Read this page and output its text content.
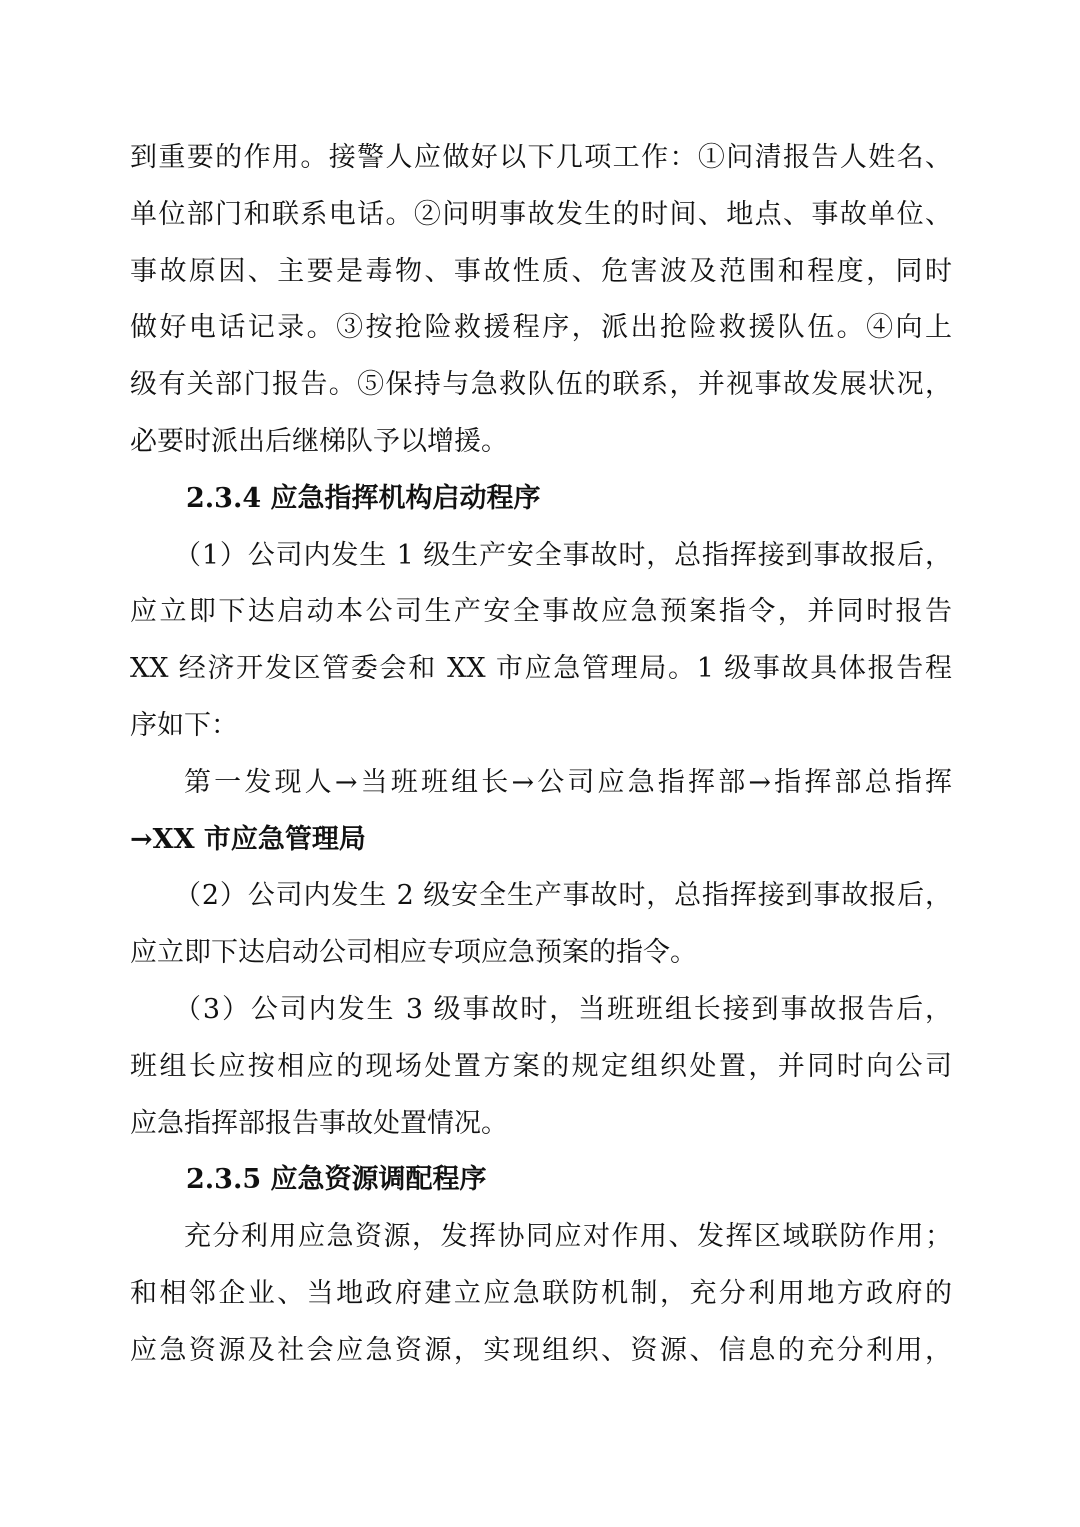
到重要的作用。接警人应做好以下几项工作：①问清报告人姓名、
单位部门和联系电话。②问明事故发生的时间、地点、事故单位、
事故原因、主要是毒物、事故性质、危害波及范围和程度，同时
做好电话记录。③按抢险救援程序，派出抢险救援队伍。④向上
级有关部门报告。⑤保持与急救队伍的联系，并视事故发展状况，
必要时派出后继梯队予以增援。
2.3.4 应急指挥机构启动程序
（1）公司内发生 1 级生产安全事故时，总指挥接到事故报后，
应立即下达启动本公司生产安全事故应急预案指令，并同时报告
XX 经济开发区管委会和 XX 市应急管理局。1 级事故具体报告程
序如下：
第一发现人→当班班组长→公司应急指挥部→指挥部总指挥
→XX 市应急管理局
（2）公司内发生 2 级安全生产事故时，总指挥接到事故报后，
应立即下达启动公司相应专项应急预案的指令。
（3）公司内发生 3 级事故时，当班班组长接到事故报告后，
班组长应按相应的现场处置方案的规定组织处置，并同时向公司
应急指挥部报告事故处置情况。
2.3.5 应急资源调配程序
充分利用应急资源，发挥协同应对作用、发挥区域联防作用；
和相邻企业、当地政府建立应急联防机制，充分利用地方政府的
应急资源及社会应急资源，实现组织、资源、信息的充分利用，
